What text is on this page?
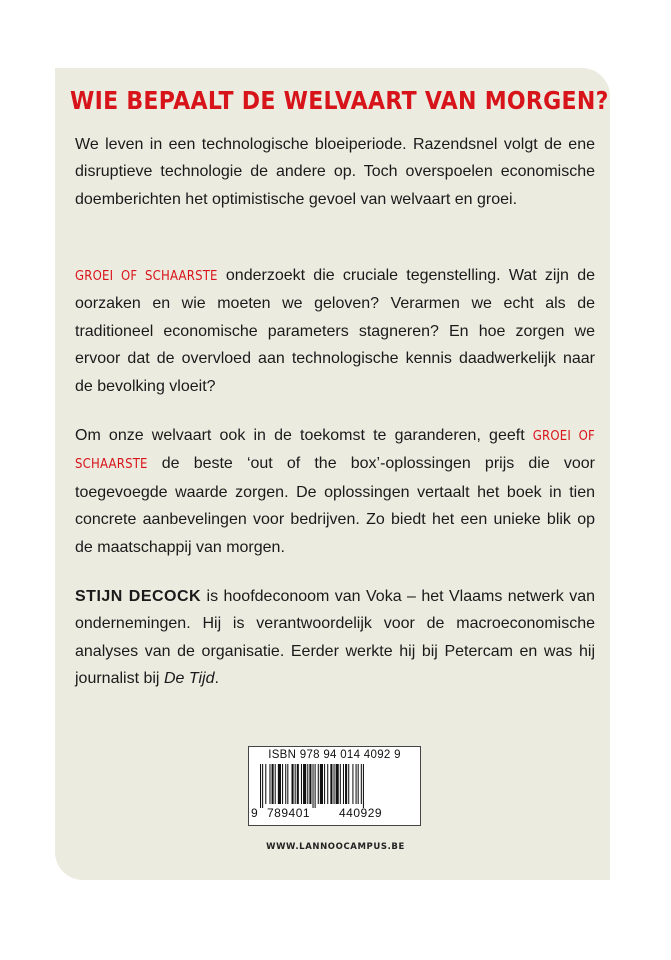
WIE BEPAALT DE WELVAART VAN MORGEN?

We leven in een technologische bloeiperiode. Razendsnel volgt de ene disruptieve technologie de andere op. Toch overspoelen economische doemberichten het optimistische gevoel van welvaart en groei.

GROEI OF SCHAARSTE onderzoekt die cruciale tegenstelling. Wat zijn de oorzaken en wie moeten we geloven? Verarmen we echt als de traditioneel economische parameters stagneren? En hoe zorgen we ervoor dat de overvloed aan technologische kennis daadwerkelijk naar de bevolking vloeit?

Om onze welvaart ook in de toekomst te garanderen, geeft GROEI OF SCHAARSTE de beste ‘out of the box’-oplossingen prijs die voor toegevoegde waarde zorgen. De oplossingen vertaalt het boek in tien concrete aanbevelingen voor bedrijven. Zo biedt het een unieke blik op de maatschappij van morgen.

STIJN DECOCK is hoofdeconoom van Voka – het Vlaams netwerk van ondernemingen. Hij is verantwoordelijk voor de macroeconomische analyses van de organisatie. Eerder werkte hij bij Petercam en was hij journalist bij De Tijd.

ISBN 978 94 014 4092 9
9 789401 440929
WWW.LANNOOCAMPUS.BE
